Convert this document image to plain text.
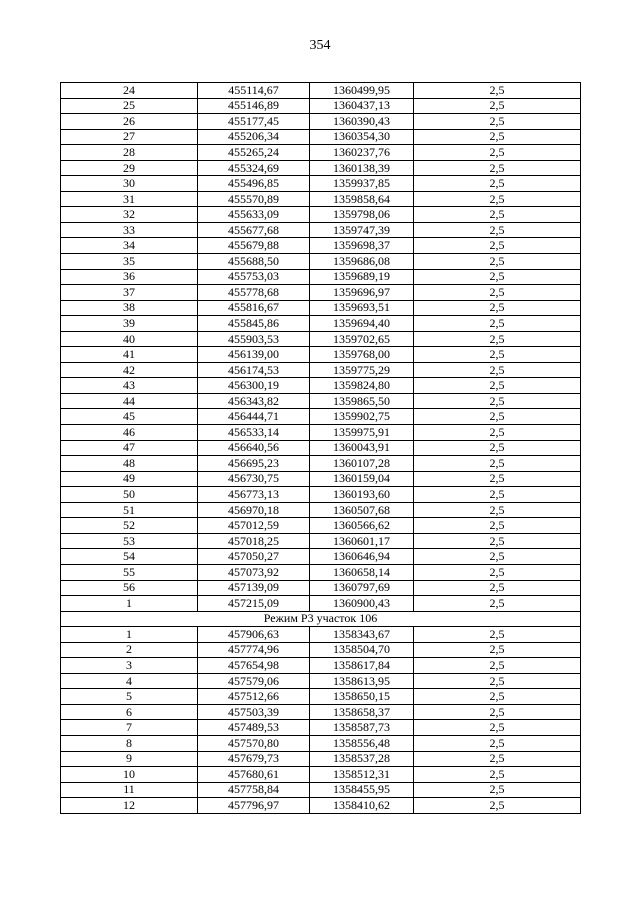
354
24	455114,67	1360499,95	2,5
25	455146,89	1360437,13	2,5
26	455177,45	1360390,43	2,5
27	455206,34	1360354,30	2,5
28	455265,24	1360237,76	2,5
29	455324,69	1360138,39	2,5
30	455496,85	1359937,85	2,5
31	455570,89	1359858,64	2,5
32	455633,09	1359798,06	2,5
33	455677,68	1359747,39	2,5
34	455679,88	1359698,37	2,5
35	455688,50	1359686,08	2,5
36	455753,03	1359689,19	2,5
37	455778,68	1359696,97	2,5
38	455816,67	1359693,51	2,5
39	455845,86	1359694,40	2,5
40	455903,53	1359702,65	2,5
41	456139,00	1359768,00	2,5
42	456174,53	1359775,29	2,5
43	456300,19	1359824,80	2,5
44	456343,82	1359865,50	2,5
45	456444,71	1359902,75	2,5
46	456533,14	1359975,91	2,5
47	456640,56	1360043,91	2,5
48	456695,23	1360107,28	2,5
49	456730,75	1360159,04	2,5
50	456773,13	1360193,60	2,5
51	456970,18	1360507,68	2,5
52	457012,59	1360566,62	2,5
53	457018,25	1360601,17	2,5
54	457050,27	1360646,94	2,5
55	457073,92	1360658,14	2,5
56	457139,09	1360797,69	2,5
1	457215,09	1360900,43	2,5
Режим Р3 участок 106			
1	457906,63	1358343,67	2,5
2	457774,96	1358504,70	2,5
3	457654,98	1358617,84	2,5
4	457579,06	1358613,95	2,5
5	457512,66	1358650,15	2,5
6	457503,39	1358658,37	2,5
7	457489,53	1358587,73	2,5
8	457570,80	1358556,48	2,5
9	457679,73	1358537,28	2,5
10	457680,61	1358512,31	2,5
11	457758,84	1358455,95	2,5
12	457796,97	1358410,62	2,5
